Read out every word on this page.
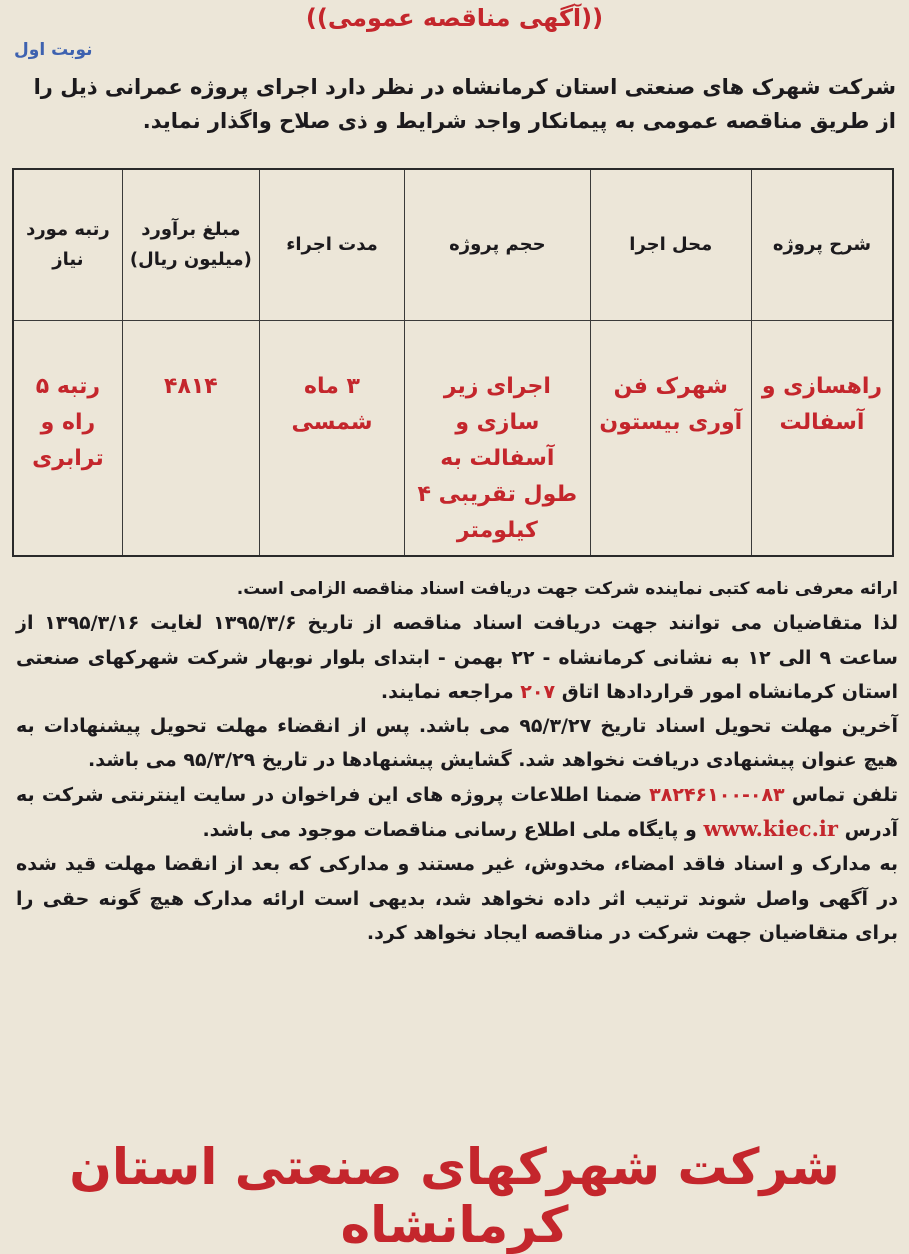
((آگهی مناقصه عمومی))
نوبت اول
شرکت شهرک های صنعتی استان کرمانشاه در نظر دارد اجرای پروژه عمرانی ذیل را از طریق مناقصه عمومی به پیمانکار واجد شرایط و ذی صلاح واگذار نماید.
شرح پروژه	محل اجرا	حجم پروژه	مدت اجراء	مبلغ برآورد (میلیون ریال)	رتبه مورد نیاز
راهسازی و آسفالت	شهرک فن آوری بیستون	اجرای زیر سازی و آسفالت به طول تقریبی ۴ کیلومتر	۳ ماه شمسی	۴۸۱۴	رتبه ۵ راه و ترابری

ارائه معرفی نامه کتبی نماینده شرکت جهت دریافت اسناد مناقصه الزامی است.

لذا متقاضیان می توانند جهت دریافت اسناد مناقصه از تاریخ ۱۳۹۵/۳/۶ لغایت ۱۳۹۵/۳/۱۶ از ساعت ۹ الی ۱۲ به نشانی کرمانشاه - ۲۲ بهمن - ابتدای بلوار نوبهار شرکت شهرکهای صنعتی استان کرمانشاه امور قراردادها اتاق ۲۰۷ مراجعه نمایند.

آخرین مهلت تحویل اسناد تاریخ ۹۵/۳/۲۷ می باشد. پس از انقضاء مهلت تحویل پیشنهادات به هیچ عنوان پیشنهادی دریافت نخواهد شد. گشایش پیشنهادها در تاریخ ۹۵/۳/۲۹ می باشد.

تلفن تماس ۰۸۳-۳۸۲۴۶۱۰۰ ضمنا اطلاعات پروژه های این فراخوان در سایت اینترنتی شرکت به آدرس www.kiec.ir و پایگاه ملی اطلاع رسانی مناقصات موجود می باشد.

به مدارک و اسناد فاقد امضاء، مخدوش، غیر مستند و مدارکی که بعد از انقضا مهلت قید شده در آگهی واصل شوند ترتیب اثر داده نخواهد شد، بدیهی است ارائه مدارک هیچ گونه حقی را برای متقاضیان جهت شرکت در مناقصه ایجاد نخواهد کرد.

شرکت شهرکهای صنعتی استان کرمانشاه
